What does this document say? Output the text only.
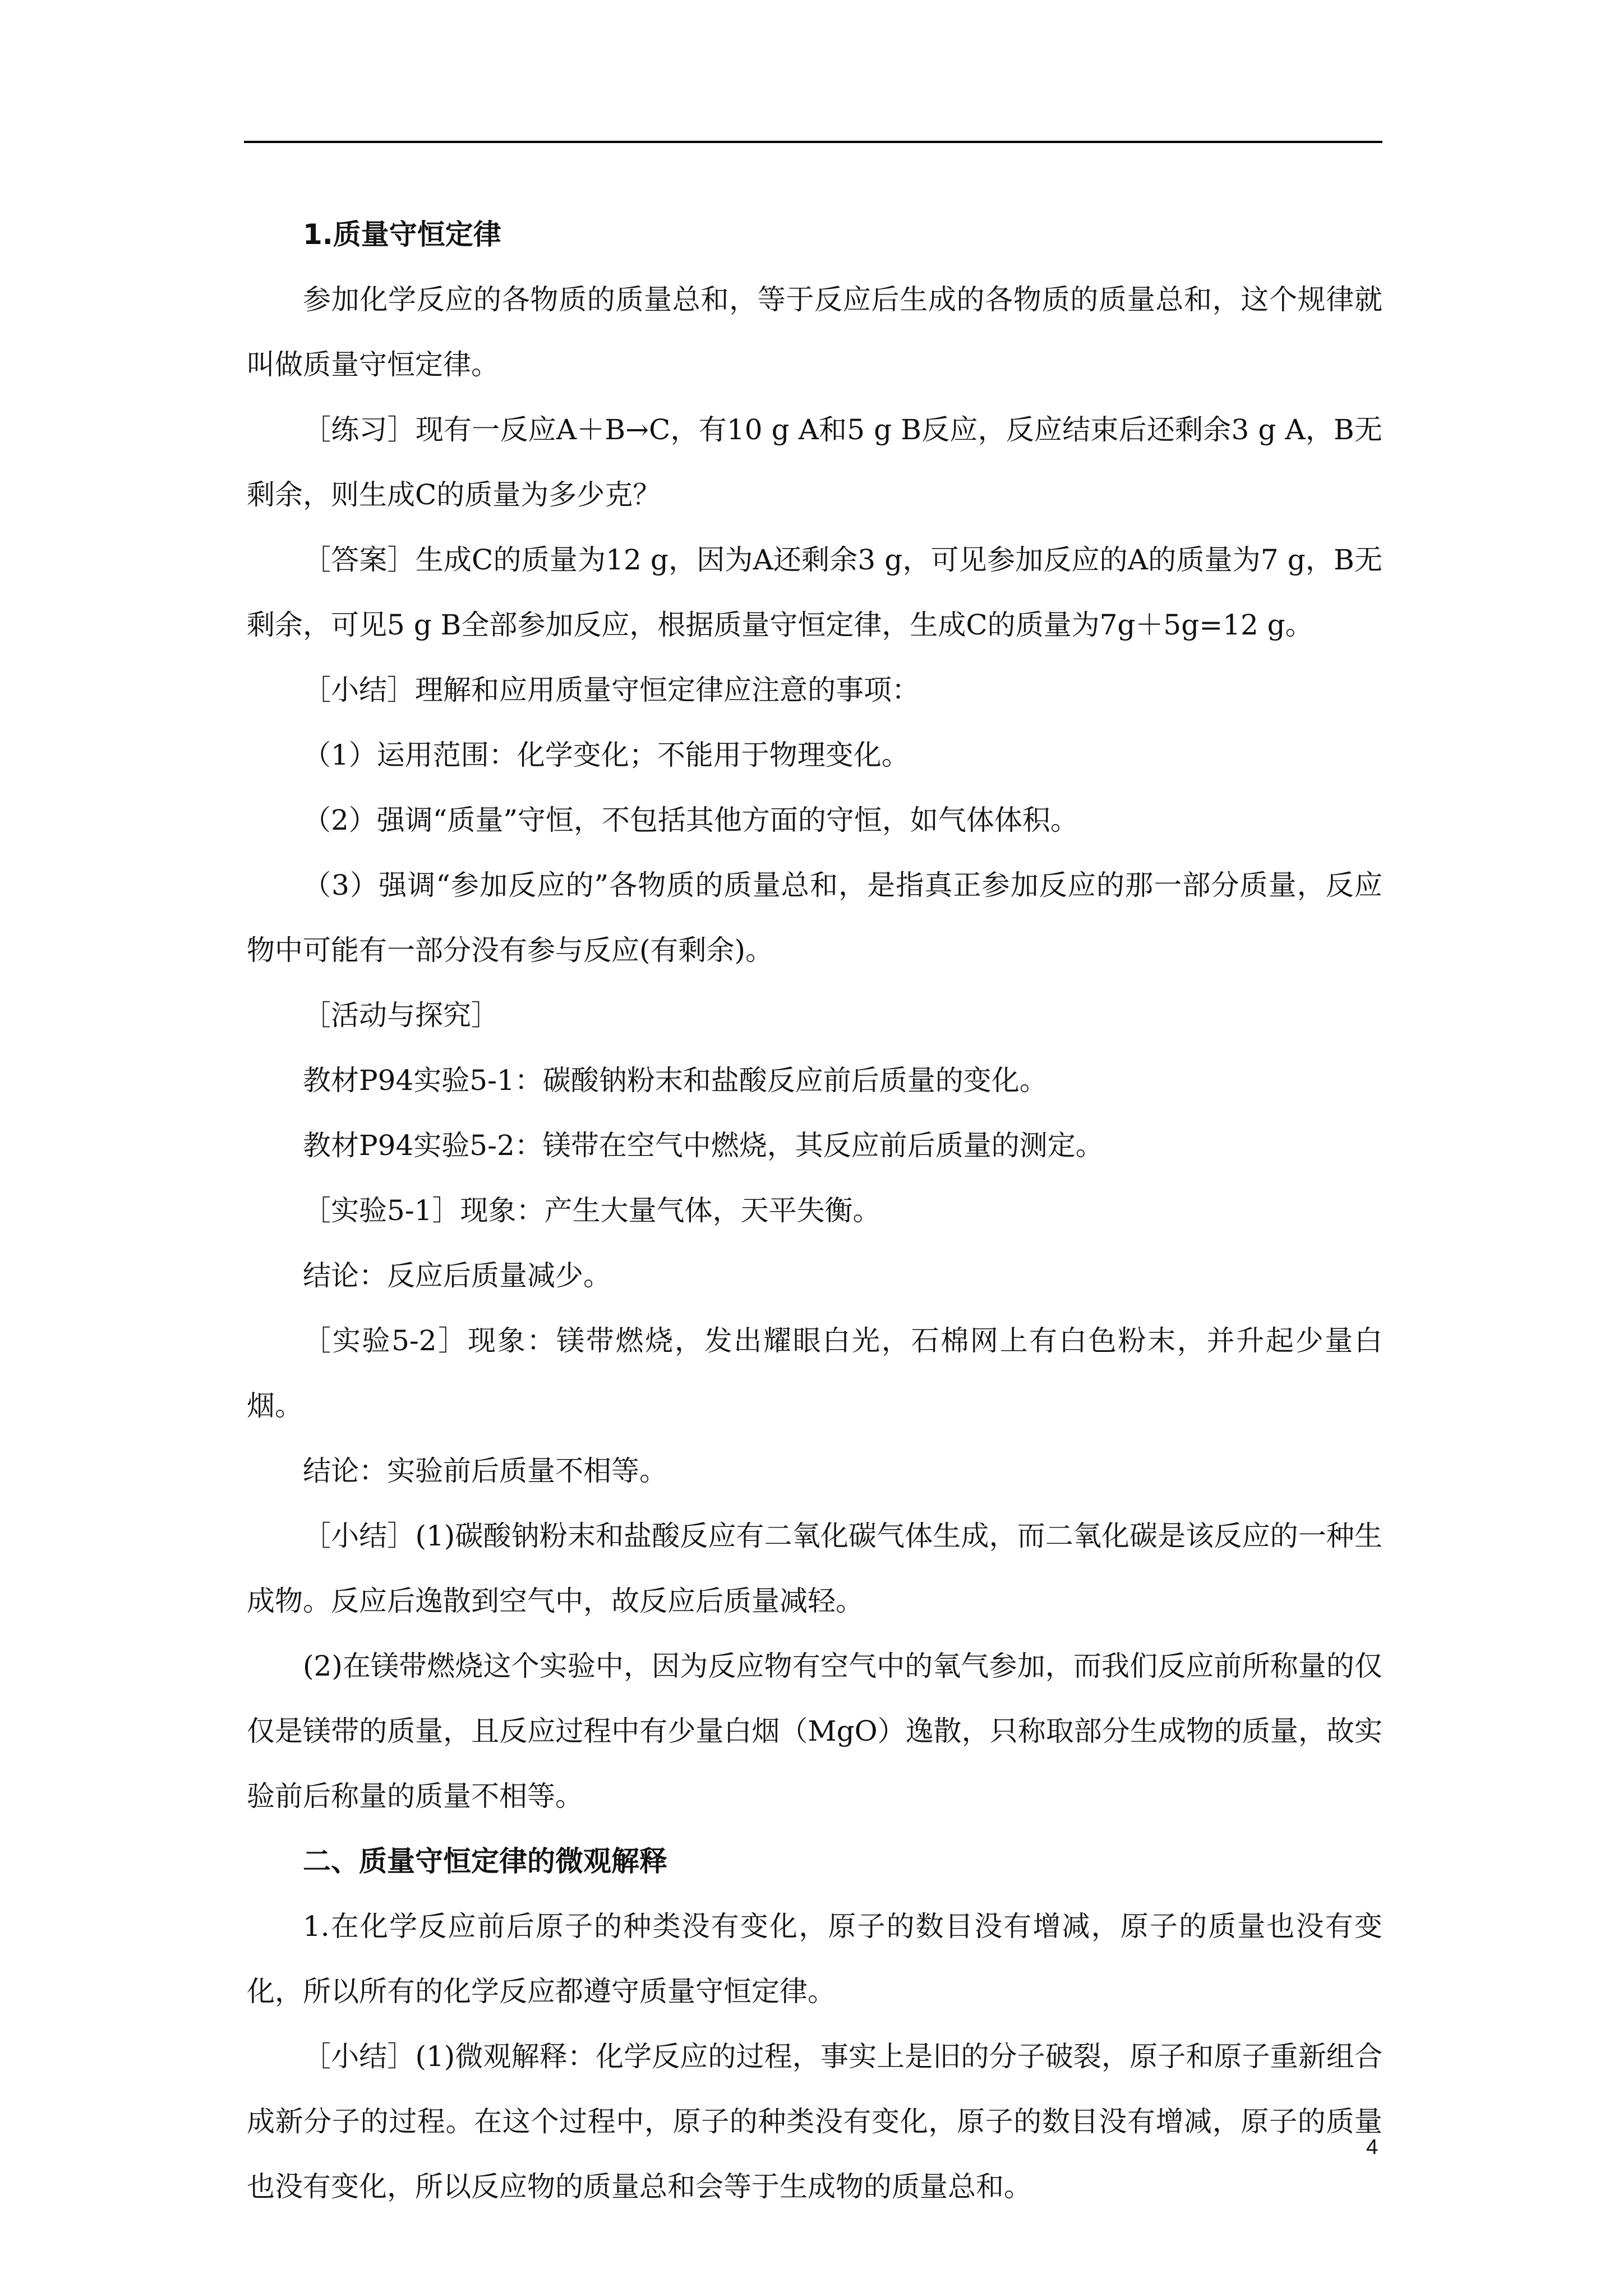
1.质量守恒定律

参加化学反应的各物质的质量总和，等于反应后生成的各物质的质量总和，这个规律就叫做质量守恒定律。

［练习］现有一反应A＋B→C，有10 g A和5 g B反应，反应结束后还剩余3 g A，B无剩余，则生成C的质量为多少克？

［答案］生成C的质量为12 g，因为A还剩余3 g，可见参加反应的A的质量为7 g，B无剩余，可见5 g B全部参加反应，根据质量守恒定律，生成C的质量为7g＋5g=12 g。

［小结］理解和应用质量守恒定律应注意的事项：

（1）运用范围：化学变化；不能用于物理变化。

（2）强调“质量”守恒，不包括其他方面的守恒，如气体体积。

（3）强调“参加反应的”各物质的质量总和，是指真正参加反应的那一部分质量，反应物中可能有一部分没有参与反应(有剩余)。

［活动与探究］

教材P94实验5-1：碳酸钠粉末和盐酸反应前后质量的变化。

教材P94实验5-2：镁带在空气中燃烧，其反应前后质量的测定。

［实验5-1］现象：产生大量气体，天平失衡。

结论：反应后质量减少。

［实验5-2］现象：镁带燃烧，发出耀眼白光，石棉网上有白色粉末，并升起少量白烟。

结论：实验前后质量不相等。

［小结］(1)碳酸钠粉末和盐酸反应有二氧化碳气体生成，而二氧化碳是该反应的一种生成物。反应后逸散到空气中，故反应后质量减轻。

(2)在镁带燃烧这个实验中，因为反应物有空气中的氧气参加，而我们反应前所称量的仅仅是镁带的质量，且反应过程中有少量白烟（MgO）逸散，只称取部分生成物的质量，故实验前后称量的质量不相等。

二、质量守恒定律的微观解释

1.在化学反应前后原子的种类没有变化，原子的数目没有增减，原子的质量也没有变化，所以所有的化学反应都遵守质量守恒定律。

［小结］(1)微观解释：化学反应的过程，事实上是旧的分子破裂，原子和原子重新组合成新分子的过程。在这个过程中，原子的种类没有变化，原子的数目没有增减，原子的质量也没有变化，所以反应物的质量总和会等于生成物的质量总和。

4
